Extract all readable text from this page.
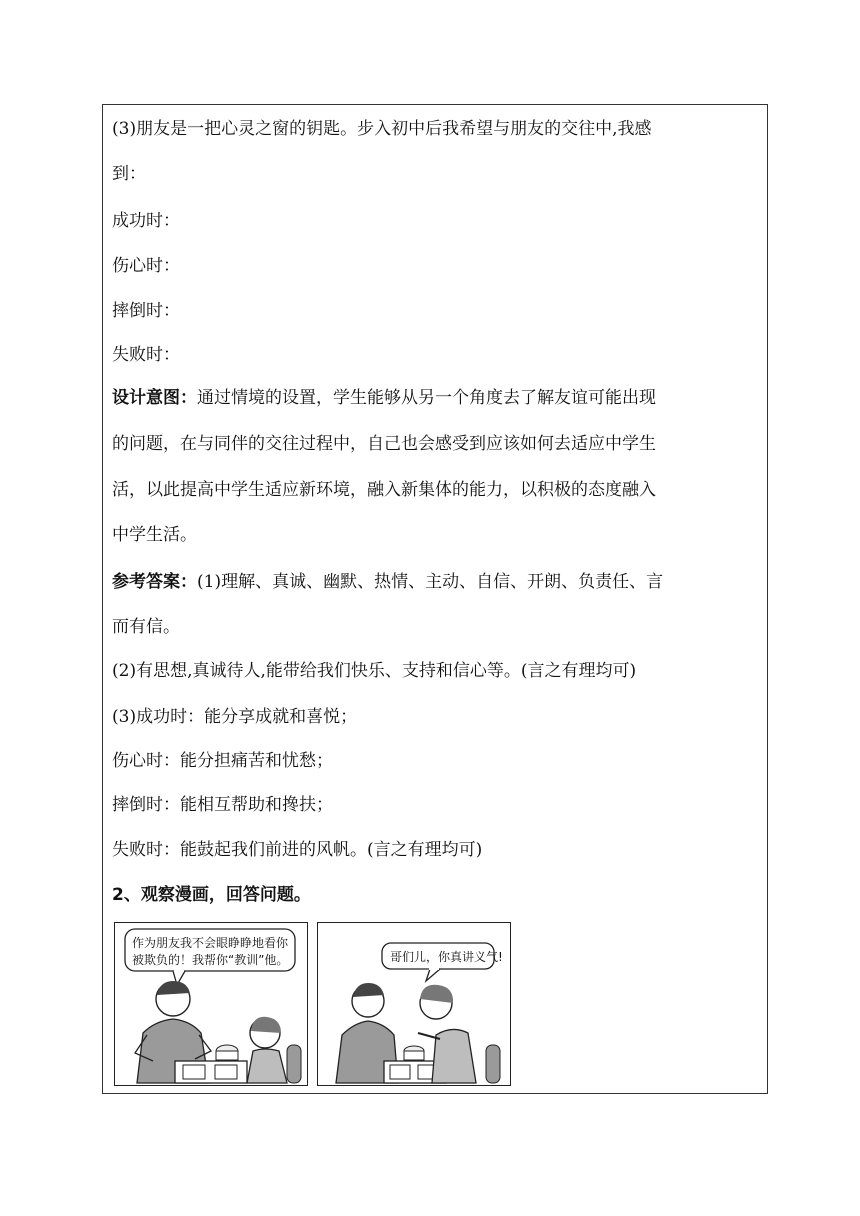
(3)朋友是一把心灵之窗的钥匙。步入初中后我希望与朋友的交往中,我感
到：
成功时：
伤心时：
摔倒时：
失败时：
设计意图：通过情境的设置，学生能够从另一个角度去了解友谊可能出现
的问题，在与同伴的交往过程中，自己也会感受到应该如何去适应中学生
活，以此提高中学生适应新环境，融入新集体的能力，以积极的态度融入
中学生活。
参考答案：(1)理解、真诚、幽默、热情、主动、自信、开朗、负责任、言
而有信。
(2)有思想,真诚待人,能带给我们快乐、支持和信心等。(言之有理均可)
(3)成功时：能分享成就和喜悦；
伤心时：能分担痛苦和忧愁；
摔倒时：能相互帮助和搀扶；
失败时：能鼓起我们前进的风帆。(言之有理均可)
2、观察漫画，回答问题。
作为朋友我不会眼睁睁地看你
被欺负的！我帮你“教训”他。	哥们儿，你真讲义气!
